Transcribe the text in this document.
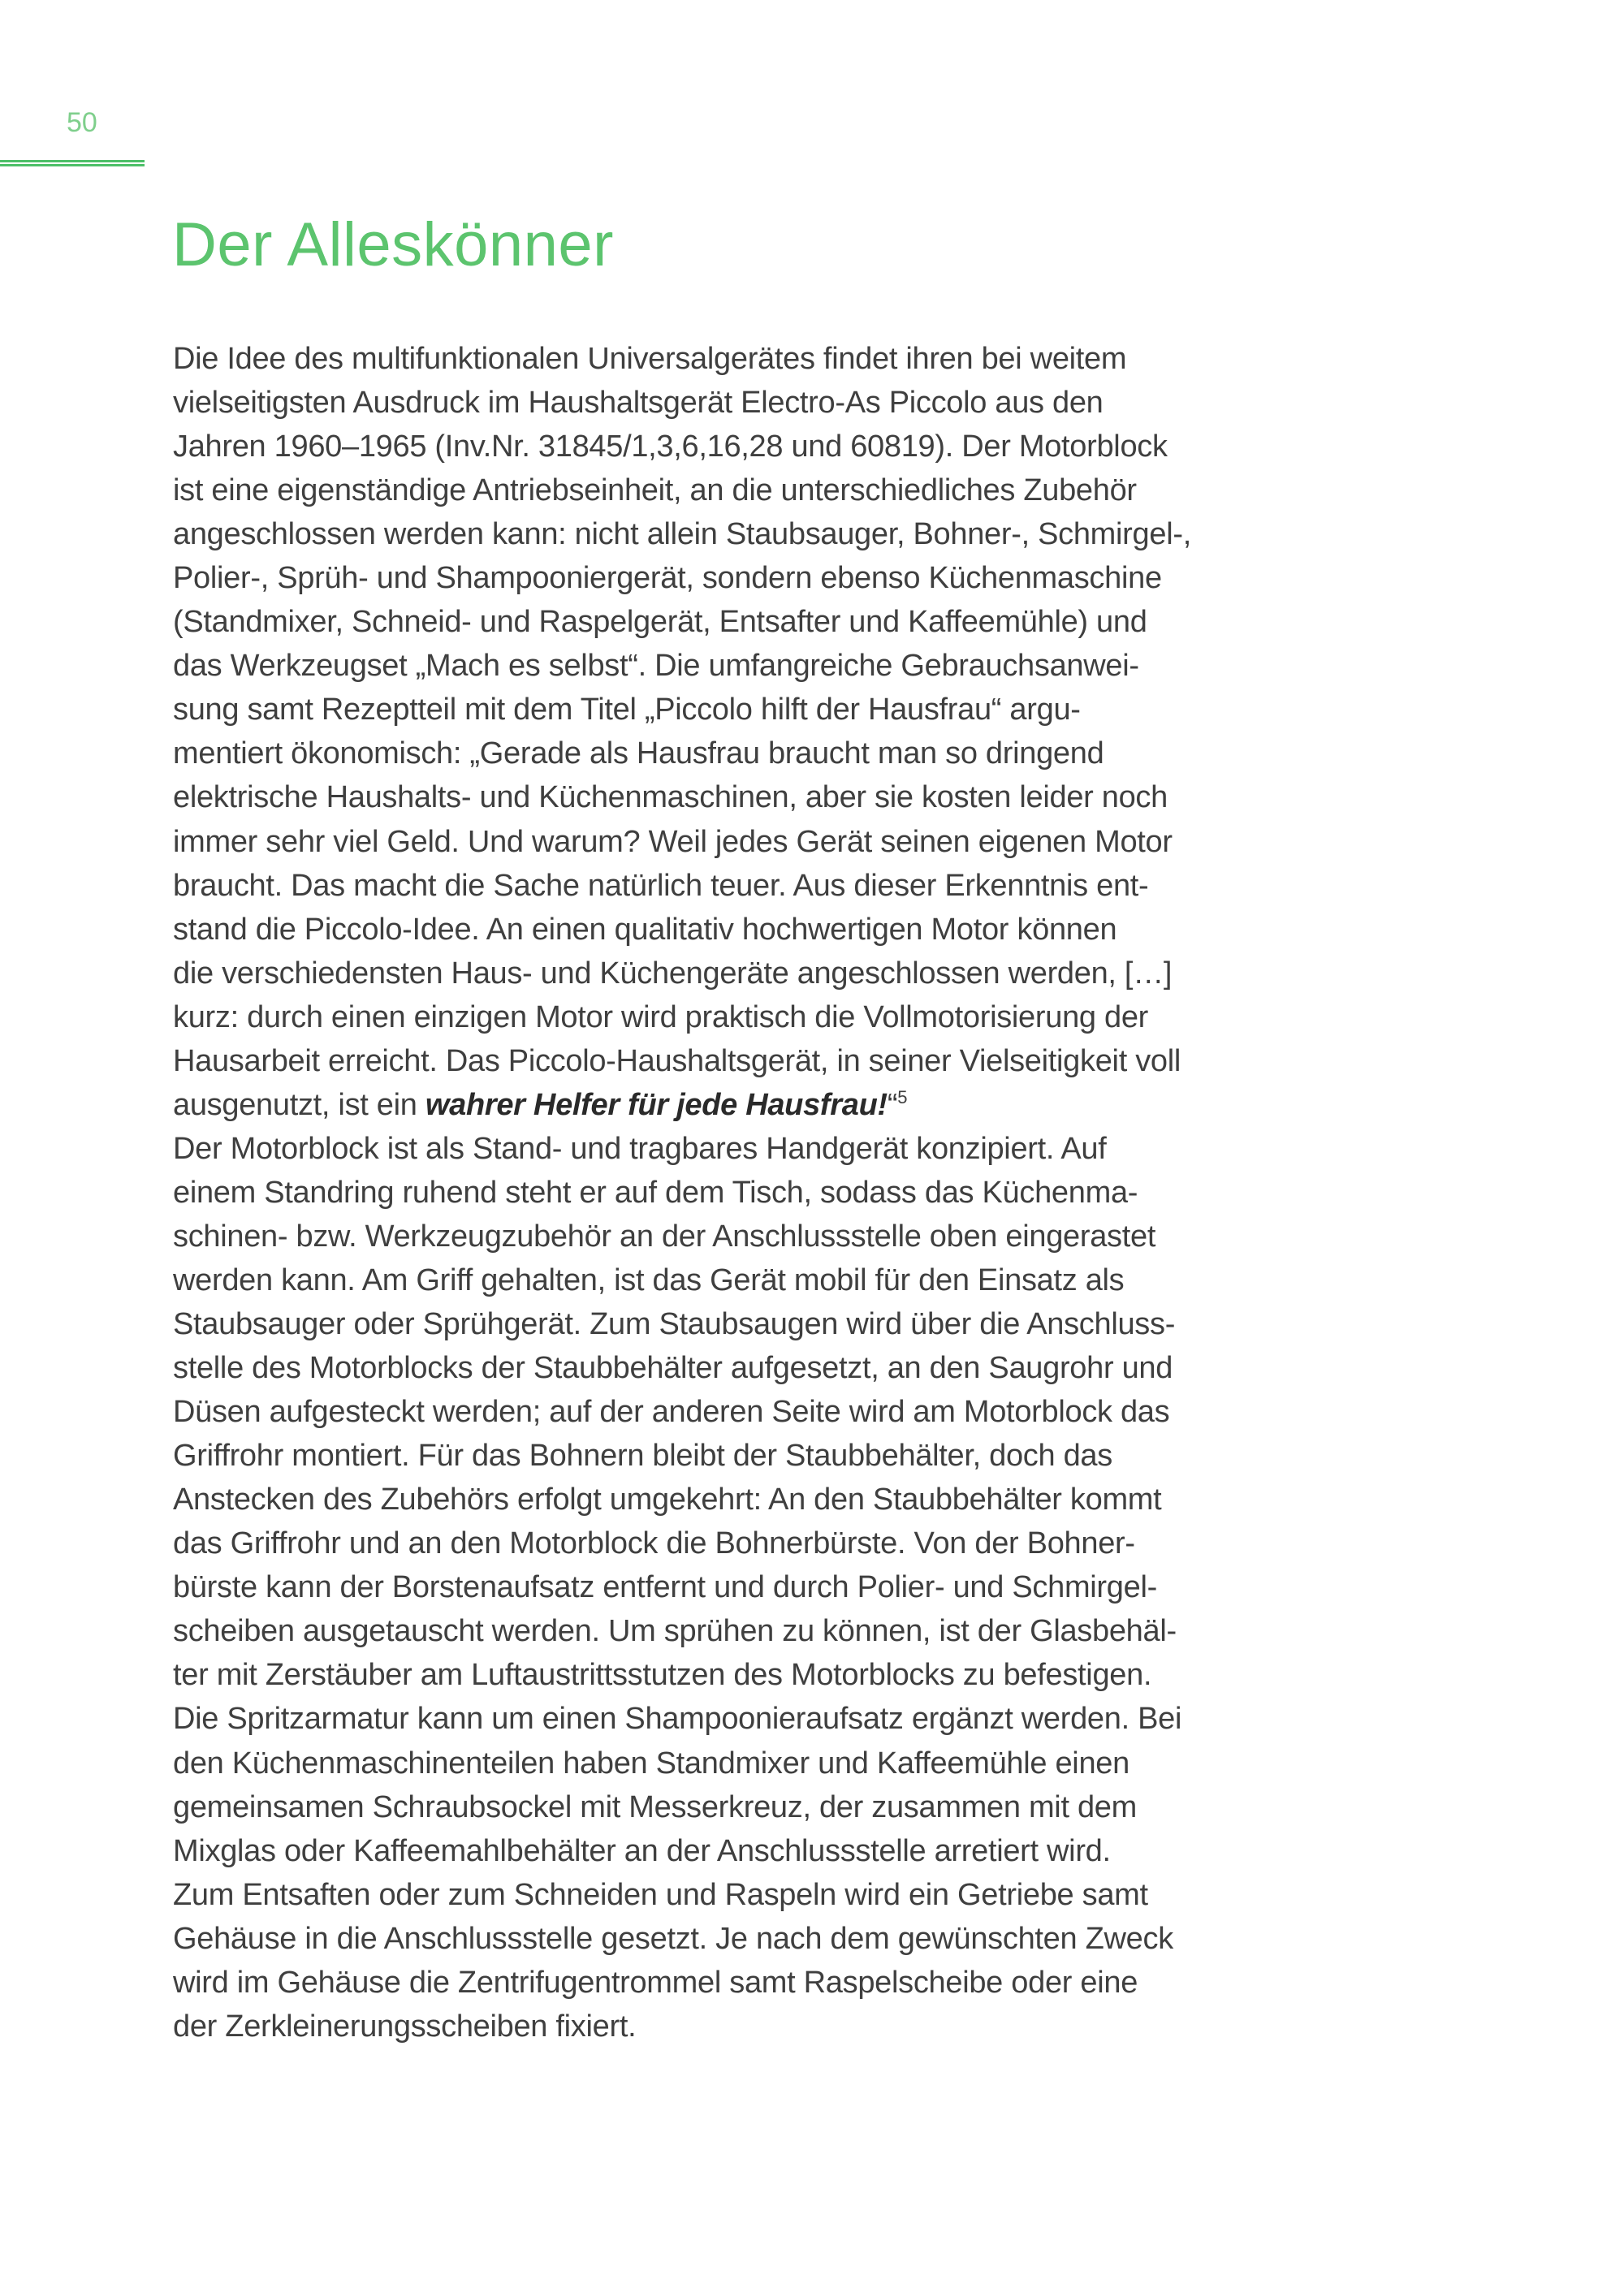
50
Der Alleskönner
Die Idee des multifunktionalen Universalgerätes findet ihren bei weitem
vielseitigsten Ausdruck im Haushaltsgerät Electro-As Piccolo aus den
Jahren 1960–1965 (Inv.Nr. 31845/1,3,6,16,28 und 60819). Der Motorblock
ist eine eigenständige Antriebseinheit, an die unterschiedliches Zubehör
angeschlossen werden kann: nicht allein Staubsauger, Bohner-, Schmirgel-,
Polier-, Sprüh- und Shampooniergerät, sondern ebenso Küchenmaschine
(Standmixer, Schneid- und Raspelgerät, Entsafter und Kaffeemühle) und
das Werkzeugset „Mach es selbst“. Die umfangreiche Gebrauchsanwei-
sung samt Rezeptteil mit dem Titel „Piccolo hilft der Hausfrau“ argu-
mentiert ökonomisch: „Gerade als Hausfrau braucht man so dringend
elektrische Haushalts- und Küchenmaschinen, aber sie kosten leider noch
immer sehr viel Geld. Und warum? Weil jedes Gerät seinen eigenen Motor
braucht. Das macht die Sache natürlich teuer. Aus dieser Erkenntnis ent-
stand die Piccolo-Idee. An einen qualitativ hochwertigen Motor können
die verschiedensten Haus- und Küchengeräte angeschlossen werden, […]
kurz: durch einen einzigen Motor wird praktisch die Vollmotorisierung der
Hausarbeit erreicht. Das Piccolo-Haushaltsgerät, in seiner Vielseitigkeit voll
ausgenutzt, ist ein wahrer Helfer für jede Hausfrau!“$^5$
Der Motorblock ist als Stand- und tragbares Handgerät konzipiert. Auf
einem Standring ruhend steht er auf dem Tisch, sodass das Küchenma-
schinen- bzw. Werkzeugzubehör an der Anschlussstelle oben eingerastet
werden kann. Am Griff gehalten, ist das Gerät mobil für den Einsatz als
Staubsauger oder Sprühgerät. Zum Staubsaugen wird über die Anschluss-
stelle des Motorblocks der Staubbehälter aufgesetzt, an den Saugrohr und
Düsen aufgesteckt werden; auf der anderen Seite wird am Motorblock das
Griffrohr montiert. Für das Bohnern bleibt der Staubbehälter, doch das
Anstecken des Zubehörs erfolgt umgekehrt: An den Staubbehälter kommt
das Griffrohr und an den Motorblock die Bohnerbürste. Von der Bohner-
bürste kann der Borstenaufsatz entfernt und durch Polier- und Schmirgel-
scheiben ausgetauscht werden. Um sprühen zu können, ist der Glasbehäl-
ter mit Zerstäuber am Luftaustrittsstutzen des Motorblocks zu befestigen.
Die Spritzarmatur kann um einen Shampoonieraufsatz ergänzt werden. Bei
den Küchenmaschinenteilen haben Standmixer und Kaffeemühle einen
gemeinsamen Schraubsockel mit Messerkreuz, der zusammen mit dem
Mixglas oder Kaffeemahlbehälter an der Anschlussstelle arretiert wird.
Zum Entsaften oder zum Schneiden und Raspeln wird ein Getriebe samt
Gehäuse in die Anschlussstelle gesetzt. Je nach dem gewünschten Zweck
wird im Gehäuse die Zentrifugentrommel samt Raspelscheibe oder eine
der Zerkleinerungsscheiben fixiert.
